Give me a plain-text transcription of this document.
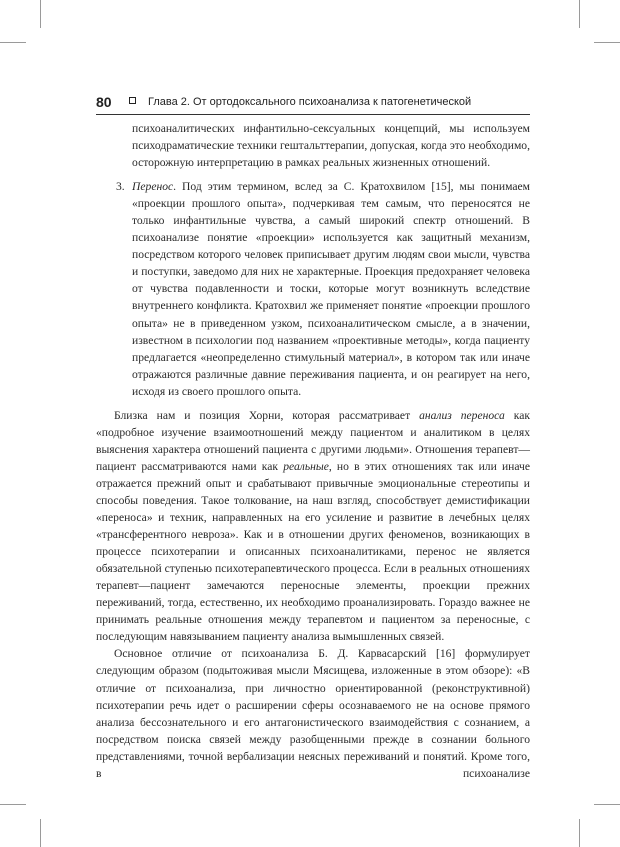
80	Глава 2. От ортодоксального психоанализа к патогенетической

психоаналитических инфантильно-сексуальных концепций, мы используем психодраматические техники гештальттерапии, допуская, когда это необходимо, осторожную интерпретацию в рамках реальных жизненных отношений.

3. Перенос. Под этим термином, вслед за С. Кратохвилом [15], мы понимаем «проекции прошлого опыта», подчеркивая тем самым, что переносятся не только инфантильные чувства, а самый широкий спектр отношений. В психоанализе понятие «проекции» используется как защитный механизм, посредством которого человек приписывает другим людям свои мысли, чувства и поступки, заведомо для них не характерные. Проекция предохраняет человека от чувства подавленности и тоски, которые могут возникнуть вследствие внутреннего конфликта. Кратохвил же применяет понятие «проекции прошлого опыта» не в приведенном узком, психоаналитическом смысле, а в значении, известном в психологии под названием «проективные методы», когда пациенту предлагается «неопределенно стимульный материал», в котором так или иначе отражаются различные давние переживания пациента, и он реагирует на него, исходя из своего прошлого опыта.

Близка нам и позиция Хорни, которая рассматривает анализ переноса как «подробное изучение взаимоотношений между пациентом и аналитиком в целях выяснения характера отношений пациента с другими людьми». Отношения терапевт—пациент рассматриваются нами как реальные, но в этих отношениях так или иначе отражается прежний опыт и срабатывают привычные эмоциональные стереотипы и способы поведения. Такое толкование, на наш взгляд, способствует демистификации «переноса» и техник, направленных на его усиление и развитие в лечебных целях «трансферентного невроза». Как и в отношении других феноменов, возникающих в процессе психотерапии и описанных психоаналитиками, перенос не является обязательной ступенью психотерапевтического процесса. Если в реальных отношениях терапевт—пациент замечаются переносные элементы, проекции прежних переживаний, тогда, естественно, их необходимо проанализировать. Гораздо важнее не принимать реальные отношения между терапевтом и пациентом за переносные, с последующим навязыванием пациенту анализа вымышленных связей.

Основное отличие от психоанализа Б. Д. Карвасарский [16] формулирует следующим образом (подытоживая мысли Мясищева, изложенные в этом обзоре): «В отличие от психоанализа, при личностно ориентированной (реконструктивной) психотерапии речь идет о расширении сферы осознаваемого не на основе прямого анализа бессознательного и его антагонистического взаимодействия с сознанием, а посредством поиска связей между разобщенными прежде в сознании больного представлениями, точной вербализации неясных переживаний и понятий. Кроме того, в психоанализе
